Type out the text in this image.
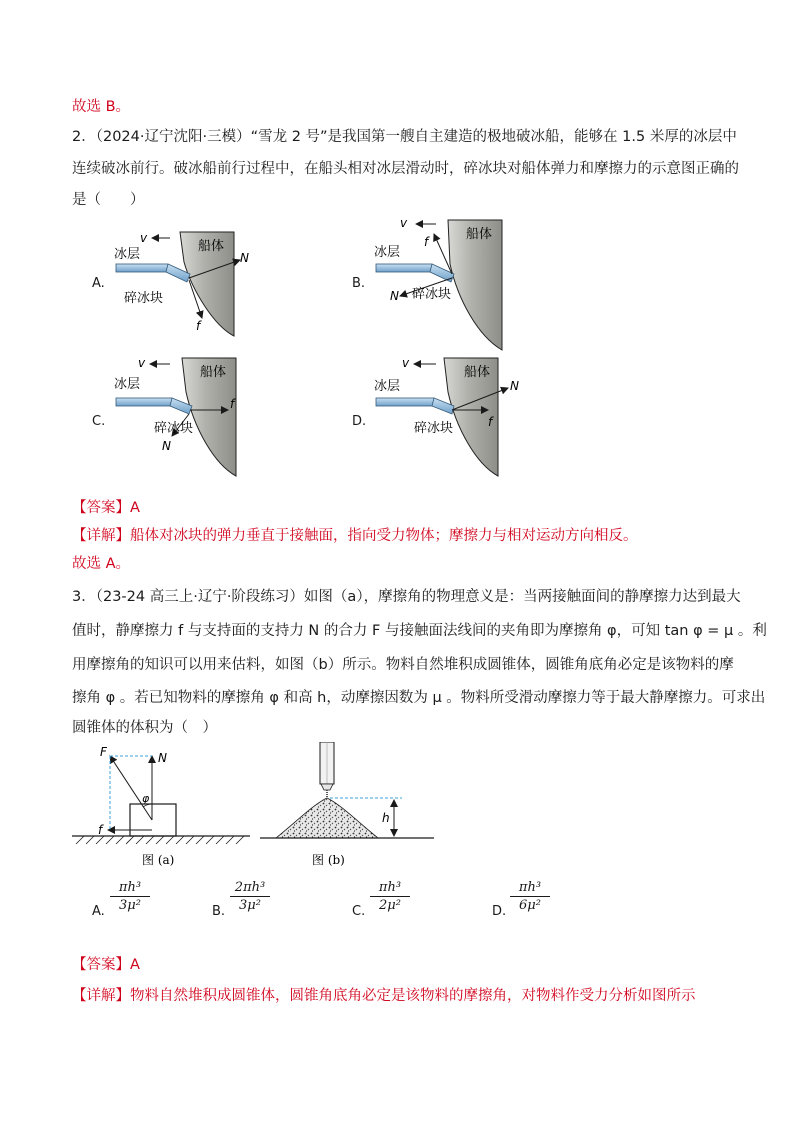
故选 B。
2．（2024·辽宁沈阳·三模）“雪龙 2 号”是我国第一艘自主建造的极地破冰船，能够在 1.5 米厚的冰层中
连续破冰前行。破冰船前行过程中，在船头相对冰层滑动时，碎冰块对船体弹力和摩擦力的示意图正确的
是（　　）
A.
v
船体
冰层	N
f
碎冰块
B.
v
船体
冰层
f
N 碎冰块
C.
v
船体
冰层
f
N
碎冰块	D.
v
船体
冰层	N
f
碎冰块
【答案】A
【详解】船体对冰块的弹力垂直于接触面，指向受力物体；摩擦力与相对运动方向相反。
故选 A。
3．（23-24 高三上·辽宁·阶段练习）如图（a），摩擦角的物理意义是：当两接触面间的静摩擦力达到最大
值时，静摩擦力 f 与支持面的支持力 N 的合力 F 与接触面法线间的夹角即为摩擦角 φ，可知 tan φ = μ 。利
用摩擦角的知识可以用来估料，如图（b）所示。物料自然堆积成圆锥体，圆锥角底角必定是该物料的摩
擦角 φ 。若已知物料的摩擦角 φ 和高 h，动摩擦因数为 μ 。物料所受滑动摩擦力等于最大静摩擦力。可求出
圆锥体的体积为（　）
N
F
f
φ
图 (a)
h
图 (b)
A. $\frac{\text{πh³}}{\text{3μ²}}$	B. $\frac{\text{2πh³}}{\text{3μ²}}$	C. $\frac{\text{πh³}}{\text{2μ²}}$	D. $\frac{\text{πh³}}{\text{6μ²}}$
【答案】A
【详解】物料自然堆积成圆锥体，圆锥角底角必定是该物料的摩擦角，对物料作受力分析如图所示
